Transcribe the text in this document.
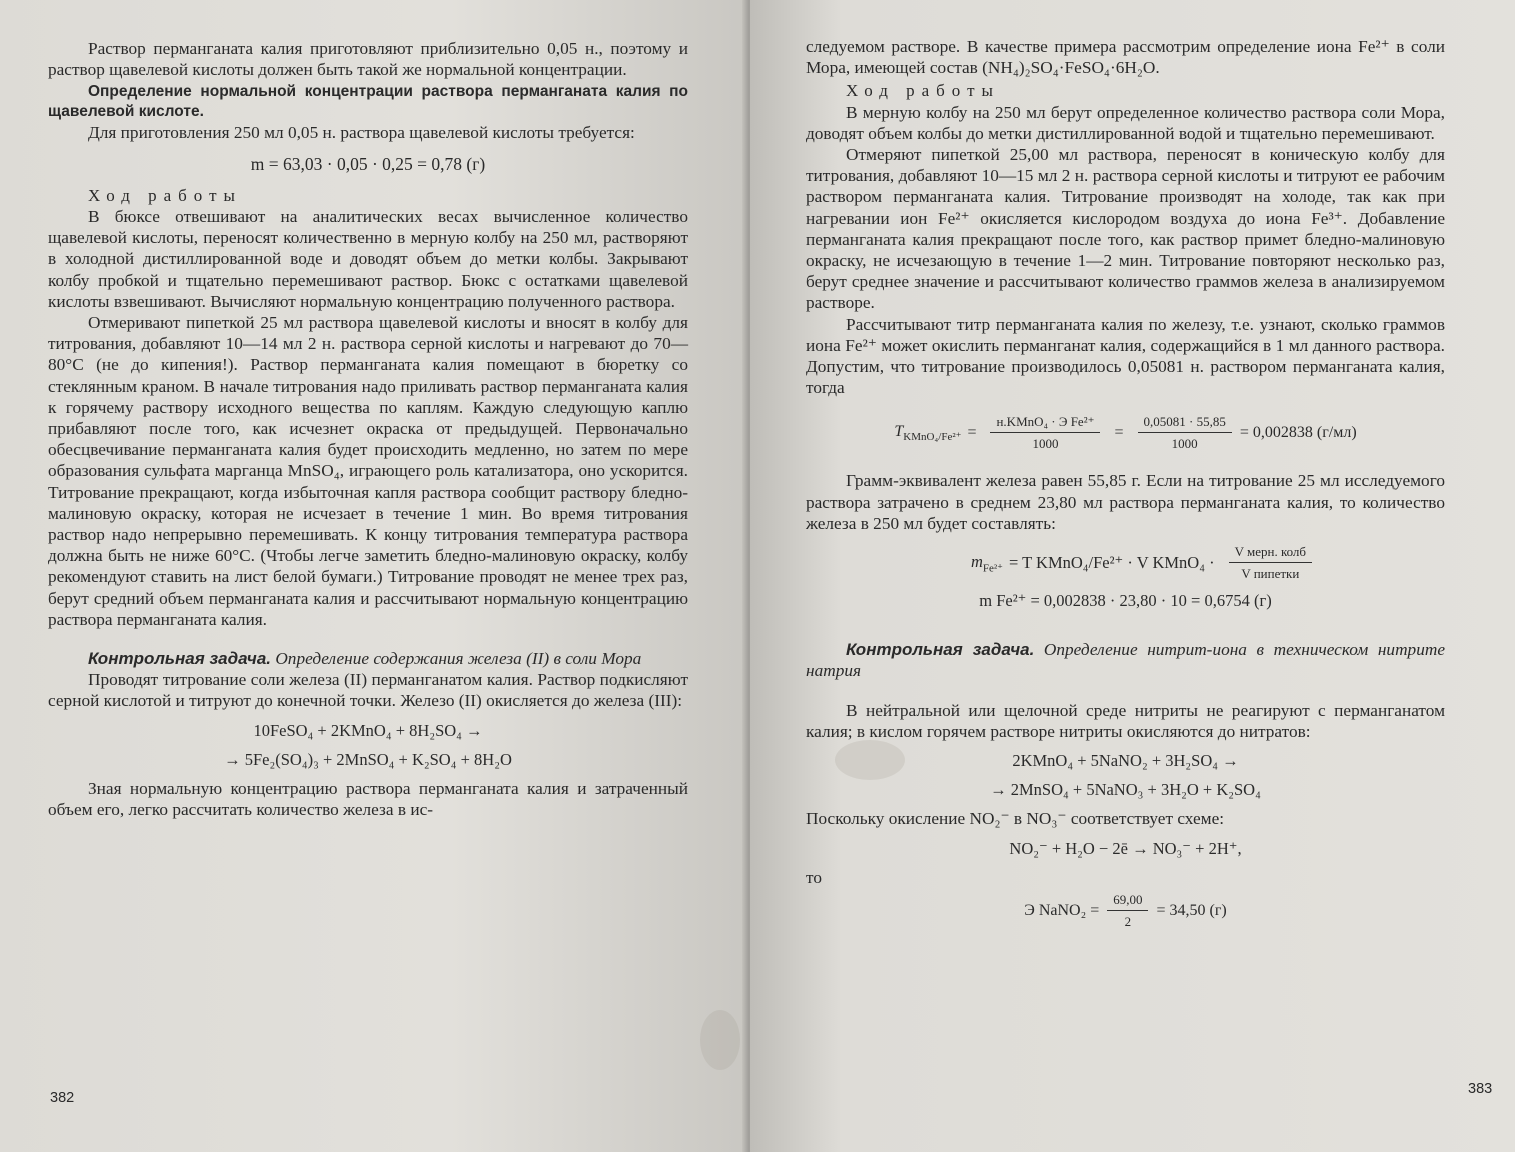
Раствор перманганата калия приготовляют приблизительно 0,05 н., поэтому и раствор щавелевой кислоты должен быть такой же нормальной концентрации.

Определение нормальной концентрации раствора перманганата калия по щавелевой кислоте.

Для приготовления 250 мл 0,05 н. раствора щавелевой кислоты требуется:

m = 63,03 · 0,05 · 0,25 = 0,78 (г)

Ход работы

В бюксе отвешивают на аналитических весах вычисленное количество щавелевой кислоты, переносят количественно в мерную колбу на 250 мл, растворяют в холодной дистиллированной воде и доводят объем до метки колбы. Закрывают колбу пробкой и тщательно перемешивают раствор. Бюкс с остатками щавелевой кислоты взвешивают. Вычисляют нормальную концентрацию полученного раствора.

Отмеривают пипеткой 25 мл раствора щавелевой кислоты и вносят в колбу для титрования, добавляют 10—14 мл 2 н. раствора серной кислоты и нагревают до 70—80°С (не до кипения!). Раствор перманганата калия помещают в бюретку со стеклянным краном. В начале титрования надо приливать раствор перманганата калия к горячему раствору исходного вещества по каплям. Каждую следующую каплю прибавляют после того, как исчезнет окраска от предыдущей. Первоначально обесцвечивание перманганата калия будет происходить медленно, но затем по мере образования сульфата марганца MnSO₄, играющего роль катализатора, оно ускорится. Титрование прекращают, когда избыточная капля раствора сообщит раствору бледно-малиновую окраску, которая не исчезает в течение 1 мин. Во время титрования раствор надо непрерывно перемешивать. К концу титрования температура раствора должна быть не ниже 60°С. (Чтобы легче заметить бледно-малиновую окраску, колбу рекомендуют ставить на лист белой бумаги.) Титрование проводят не менее трех раз, берут средний объем перманганата калия и рассчитывают нормальную концентрацию раствора перманганата калия.

Контрольная задача. Определение содержания железа (II) в соли Мора

Проводят титрование соли железа (II) перманганатом калия. Раствор подкисляют серной кислотой и титруют до конечной точки. Железо (II) окисляется до железа (III):

10FeSO₄ + 2KMnO₄ + 8H₂SO₄ →

→ 5Fe₂(SO₄)₃ + 2MnSO₄ + K₂SO₄ + 8H₂O

Зная нормальную концентрацию раствора перманганата калия и затраченный объем его, легко рассчитать количество железа в ис-

382

следуемом растворе. В качестве примера рассмотрим определение иона Fe²⁺ в соли Мора, имеющей состав (NH₄)₂SO₄·FeSO₄·6H₂O.

Ход работы

В мерную колбу на 250 мл берут определенное количество раствора соли Мора, доводят объем колбы до метки дистиллированной водой и тщательно перемешивают.

Отмеряют пипеткой 25,00 мл раствора, переносят в коническую колбу для титрования, добавляют 10—15 мл 2 н. раствора серной кислоты и титруют ее рабочим раствором перманганата калия. Титрование производят на холоде, так как при нагревании ион Fe²⁺ окисляется кислородом воздуха до иона Fe³⁺. Добавление перманганата калия прекращают после того, как раствор примет бледно-малиновую окраску, не исчезающую в течение 1—2 мин. Титрование повторяют несколько раз, берут среднее значение и рассчитывают количество граммов железа в анализируемом растворе.

Рассчитывают титр перманганата калия по железу, т.е. узнают, сколько граммов иона Fe²⁺ может окислить перманганат калия, содержащийся в 1 мл данного раствора. Допустим, что титрование производилось 0,05081 н. раствором перманганата калия, тогда

$T_{KMnO_4/Fe^{2+}} = \frac{\text{н.KMnO₄ · Э Fe²⁺}}{1000} = \frac{0,05081 \cdot 55,85}{1000} = 0,002838$ (г/мл)

Грамм-эквивалент железа равен 55,85 г. Если на титрование 25 мл исследуемого раствора затрачено в среднем 23,80 мл раствора перманганата калия, то количество железа в 250 мл будет составлять:

$m_{Fe^{2+}} = T$ KMnO₄/Fe²⁺ · V KMnO₄ · $\frac{\text{V мерн. колб}}{\text{V пипетки}}$

m Fe²⁺ = 0,002838 · 23,80 · 10 = 0,6754 (г)

Контрольная задача. Определение нитрит-иона в техническом нитрите натрия

В нейтральной или щелочной среде нитриты не реагируют с перманганатом калия; в кислом горячем растворе нитриты окисляются до нитратов:

2KMnO₄ + 5NaNO₂ + 3H₂SO₄ →

→ 2MnSO₄ + 5NaNO₃ + 3H₂O + K₂SO₄

Поскольку окисление NO₂⁻ в NO₃⁻ соответствует схеме:

NO₂⁻ + H₂O − 2ē → NO₃⁻ + 2H⁺,

то

Э NaNO₂ = $\frac{69,00}{2} = 34,50$ (г)
383
